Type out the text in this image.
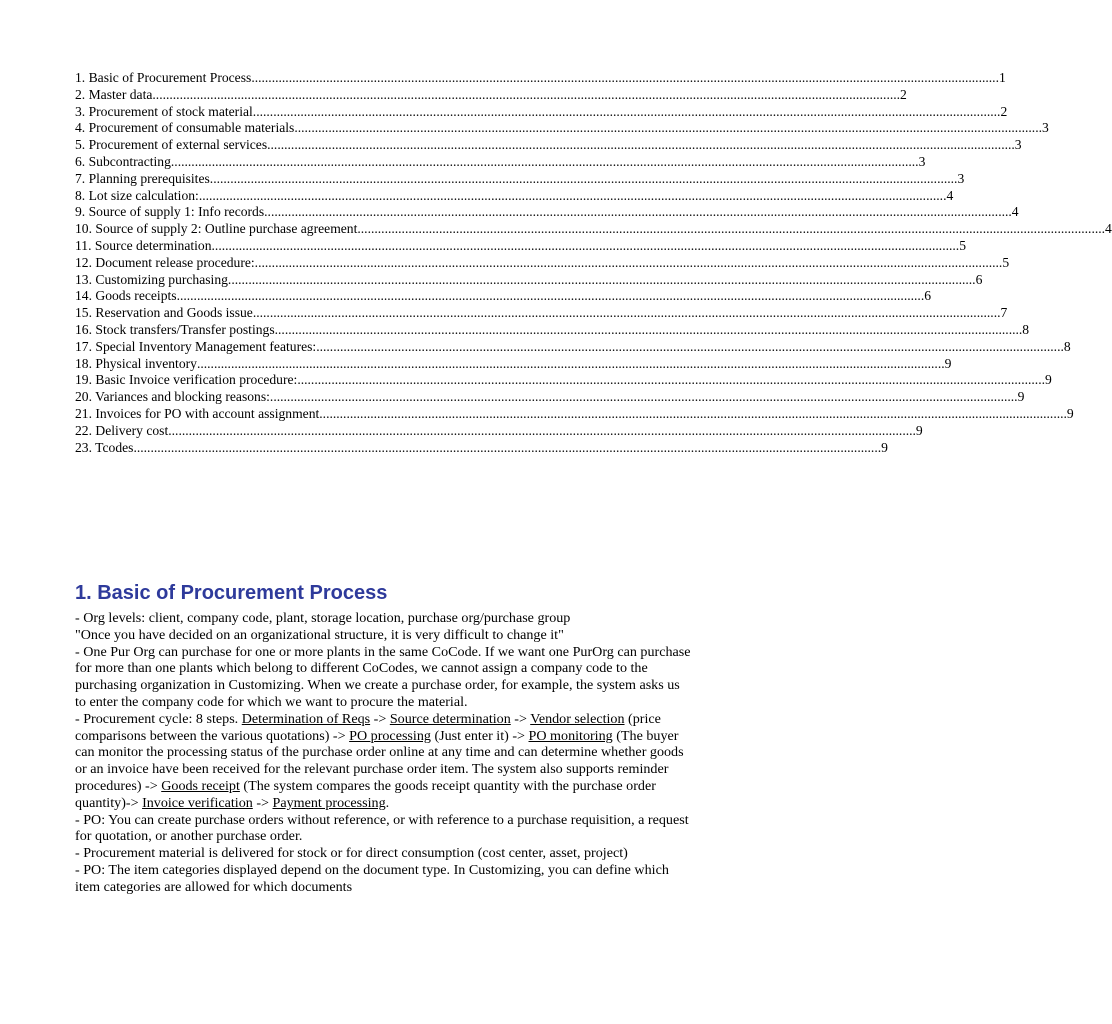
1. Basic of Procurement Process ............................................................................................................................................................................................................................ 1
2. Master data ............................................................................................................................................................................................................................ 2
3. Procurement of stock material ............................................................................................................................................................................................................................ 2
4. Procurement of consumable materials ............................................................................................................................................................................................................................ 3
5. Procurement of external services ............................................................................................................................................................................................................................ 3
6. Subcontracting ............................................................................................................................................................................................................................ 3
7. Planning prerequisites ............................................................................................................................................................................................................................ 3
8. Lot size calculation: ............................................................................................................................................................................................................................ 4
9. Source of supply 1: Info records ............................................................................................................................................................................................................................ 4
10. Source of supply 2: Outline purchase agreement ............................................................................................................................................................................................................................ 4
11. Source determination ............................................................................................................................................................................................................................ 5
12. Document release procedure: ............................................................................................................................................................................................................................ 5
13. Customizing purchasing ............................................................................................................................................................................................................................ 6
14. Goods receipts ............................................................................................................................................................................................................................ 6
15. Reservation and Goods issue ............................................................................................................................................................................................................................ 7
16. Stock transfers/Transfer postings ............................................................................................................................................................................................................................ 8
17. Special Inventory Management features: ............................................................................................................................................................................................................................ 8
18. Physical inventory ............................................................................................................................................................................................................................ 9
19. Basic Invoice verification procedure: ............................................................................................................................................................................................................................ 9
20. Variances and blocking reasons: ............................................................................................................................................................................................................................ 9
21. Invoices for PO with account assignment ............................................................................................................................................................................................................................ 9
22. Delivery cost ............................................................................................................................................................................................................................ 9
23. Tcodes ............................................................................................................................................................................................................................ 9
1. Basic of Procurement Process

- Org levels: client, company code, plant, storage location, purchase org/purchase group

"Once you have decided on an organizational structure, it is very difficult to change it"

- One Pur Org can purchase for one or more plants in the same CoCode. If we want one PurOrg can purchase for more than one plants which belong to different CoCodes, we cannot assign a company code to the purchasing organization in Customizing. When we create a purchase order, for example, the system asks us to enter the company code for which we want to procure the material.

- Procurement cycle: 8 steps. Determination of Reqs -> Source determination -> Vendor selection (price comparisons between the various quotations) -> PO processing (Just enter it) -> PO monitoring (The buyer can monitor the processing status of the purchase order online at any time and can determine whether goods or an invoice have been received for the relevant purchase order item. The system also supports reminder procedures) -> Goods receipt (The system compares the goods receipt quantity with the purchase order quantity)-> Invoice verification -> Payment processing.

- PO: You can create purchase orders without reference, or with reference to a purchase requisition, a request for quotation, or another purchase order.

- Procurement material is delivered for stock or for direct consumption (cost center, asset, project)

- PO: The item categories displayed depend on the document type. In Customizing, you can define which item categories are allowed for which documents
